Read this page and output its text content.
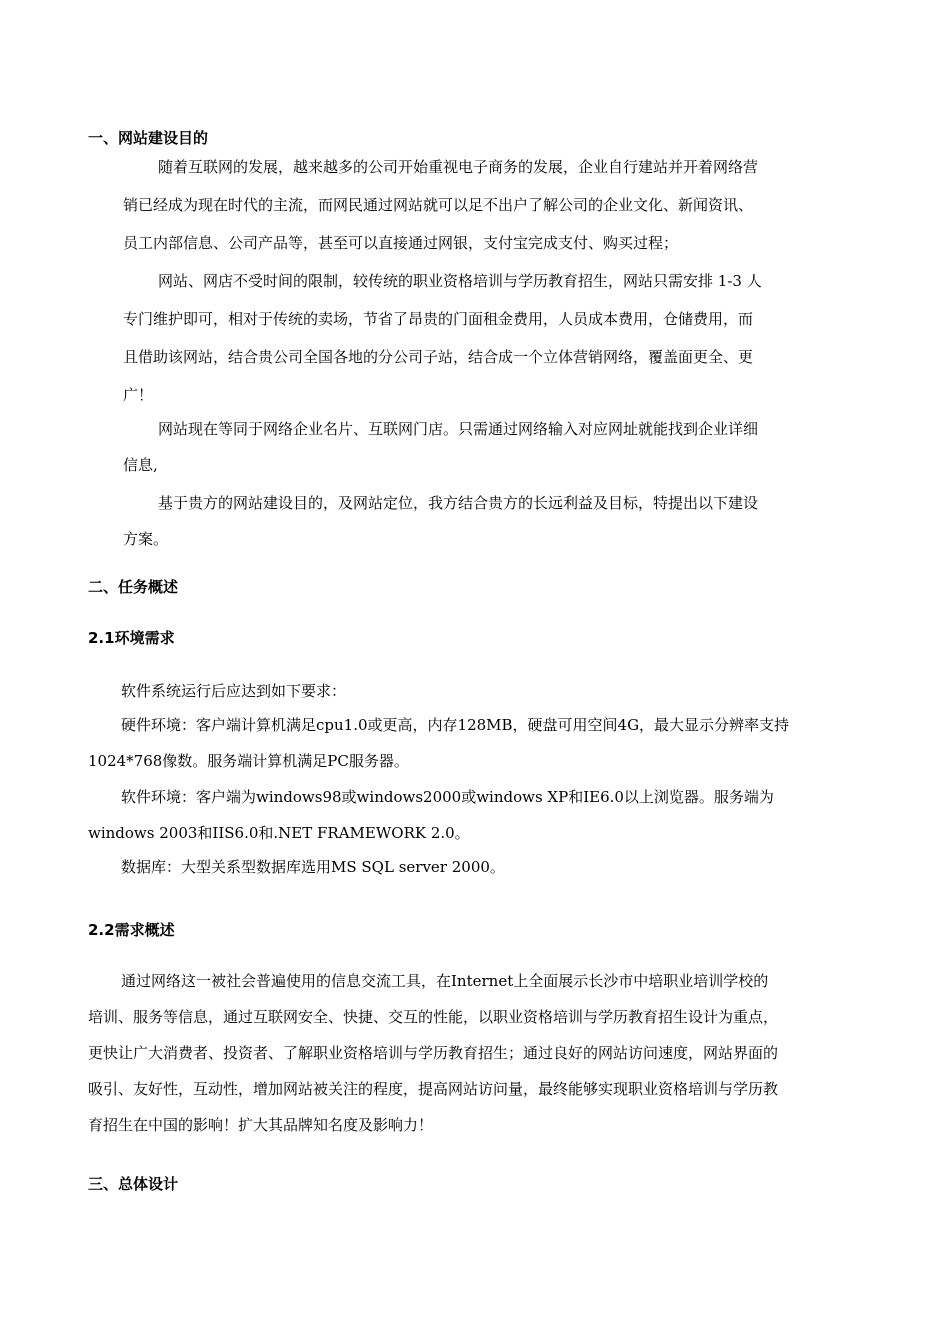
一、网站建设目的
随着互联网的发展，越来越多的公司开始重视电子商务的发展，企业自行建站并开着网络营
销已经成为现在时代的主流，而网民通过网站就可以足不出户了解公司的企业文化、新闻资讯、
员工内部信息、公司产品等，甚至可以直接通过网银，支付宝完成支付、购买过程；
网站、网店不受时间的限制，较传统的职业资格培训与学历教育招生，网站只需安排 1-3 人
专门维护即可，相对于传统的卖场，节省了昂贵的门面租金费用，人员成本费用，仓储费用，而
且借助该网站，结合贵公司全国各地的分公司子站，结合成一个立体营销网络，覆盖面更全、更
广！
网站现在等同于网络企业名片、互联网门店。只需通过网络输入对应网址就能找到企业详细
信息,
基于贵方的网站建设目的，及网站定位，我方结合贵方的长远利益及目标，特提出以下建设
方案。
二、任务概述
2.1环境需求
软件系统运行后应达到如下要求：
硬件环境：客户端计算机满足cpu1.0或更高，内存128MB，硬盘可用空间4G，最大显示分辨率支持
1024*768像数。服务端计算机满足PC服务器。
软件环境：客户端为windows98或windows2000或windows XP和IE6.0以上浏览器。服务端为
windows 2003和IIS6.0和.NET FRAMEWORK 2.0。
数据库：大型关系型数据库选用MS SQL server 2000。
2.2需求概述
通过网络这一被社会普遍使用的信息交流工具，在Internet上全面展示长沙市中培职业培训学校的
培训、服务等信息，通过互联网安全、快捷、交互的性能，以职业资格培训与学历教育招生设计为重点，
更快让广大消费者、投资者、了解职业资格培训与学历教育招生；通过良好的网站访问速度，网站界面的
吸引、友好性，互动性，增加网站被关注的程度，提高网站访问量，最终能够实现职业资格培训与学历教
育招生在中国的影响！扩大其品牌知名度及影响力！
三、总体设计
